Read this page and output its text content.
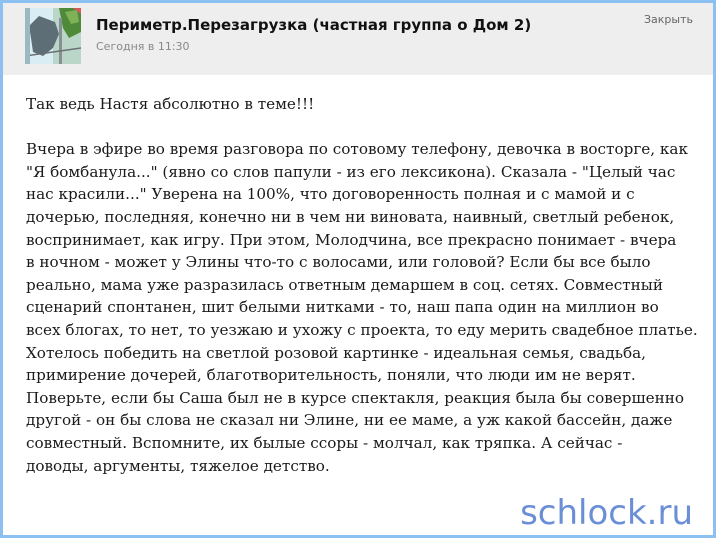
Периметр.Перезагрузка (частная группа о Дом 2)
Сегодня в 11:30
Закрыть

Так ведь Настя абсолютно в теме!!!

Вчера в эфире во время разговора по сотовому телефону, девочка в восторге, как
"Я бомбанула..." (явно со слов папули - из его лексикона). Сказала - "Целый час
нас красили..." Уверена на 100%, что договоренность полная и с мамой и с
дочерью, последняя, конечно ни в чем ни виновата, наивный, светлый ребенок,
воспринимает, как игру. При этом, Молодчина, все прекрасно понимает - вчера
в ночном - может у Элины что-то с волосами, или головой? Если бы все было
реально, мама уже разразилась ответным демаршем в соц. сетях. Совместный
сценарий спонтанен, шит белыми нитками - то, наш папа один на миллион во
всех блогах, то нет, то уезжаю и ухожу с проекта, то еду мерить свадебное платье.
Хотелось победить на светлой розовой картинке - идеальная семья, свадьба,
примирение дочерей, благотворительность, поняли, что люди им не верят.
Поверьте, если бы Саша был не в курсе спектакля, реакция была бы совершенно
другой - он бы слова не сказал ни Элине, ни ее маме, а уж какой бассейн, даже
совместный. Вспомните, их былые ссоры - молчал, как тряпка. А сейчас -
доводы, аргументы, тяжелое детство.

schlock.ru
